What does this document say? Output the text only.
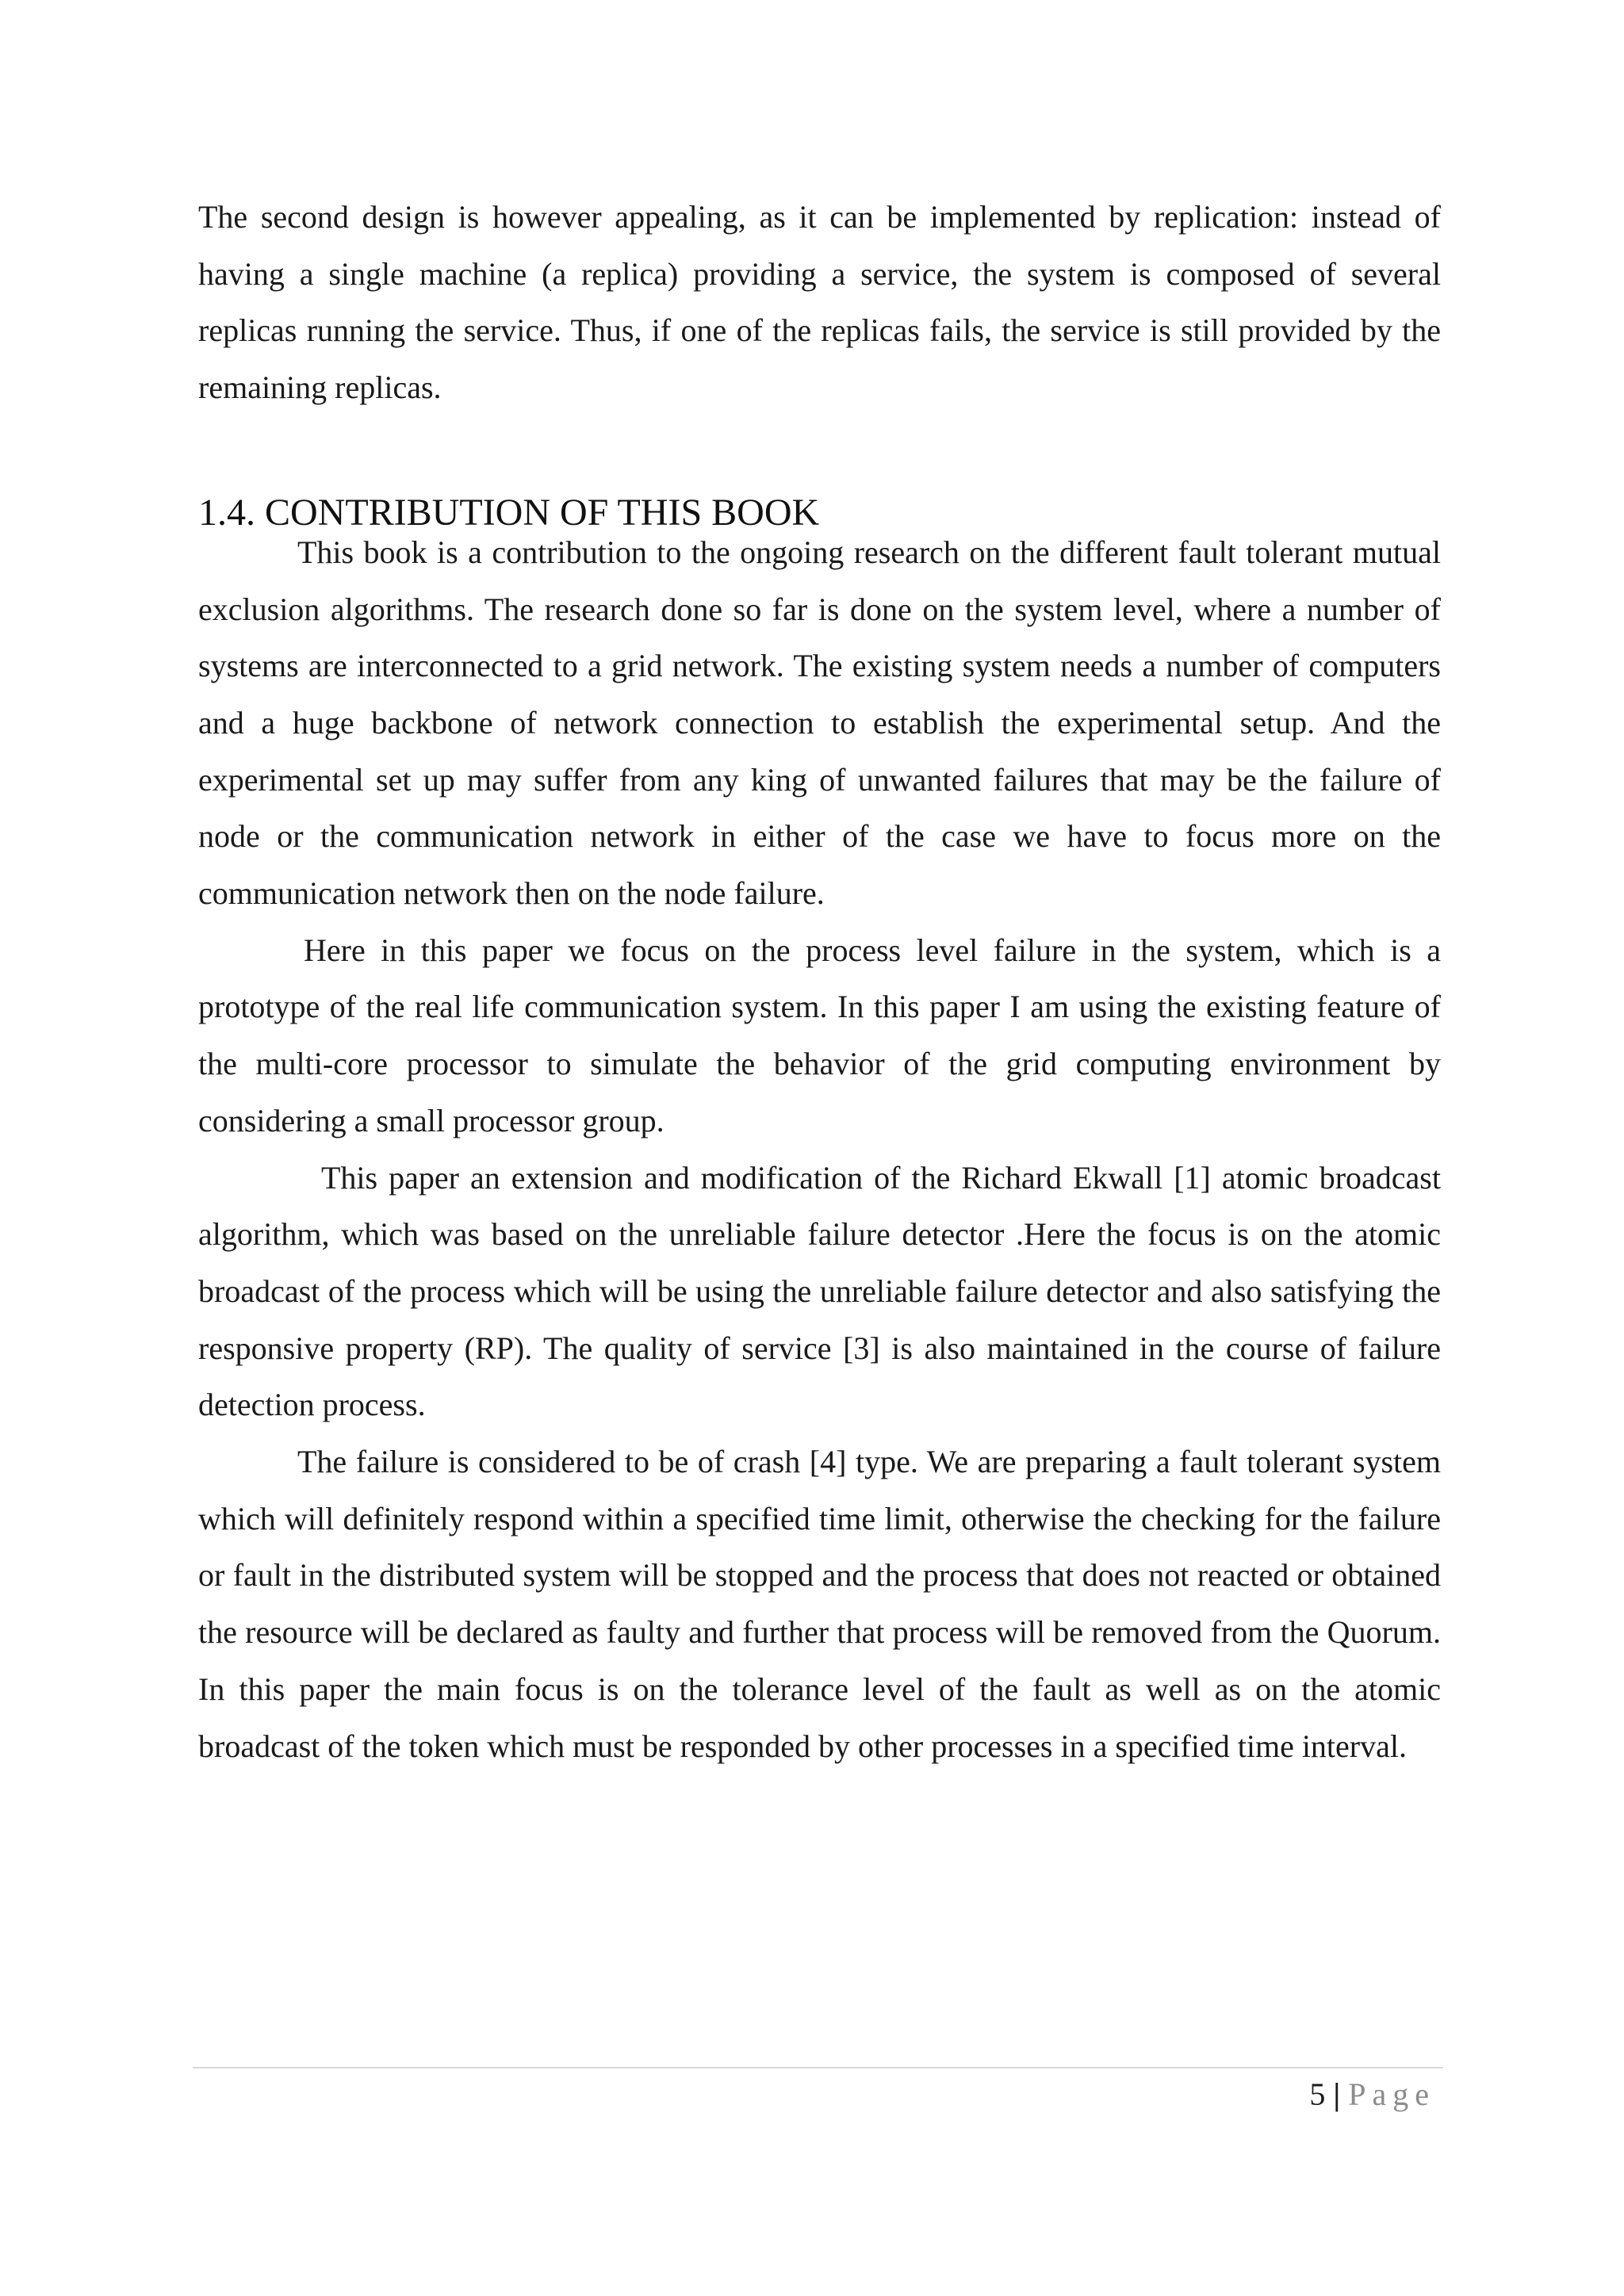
The second design is however appealing, as it can be implemented by replication: instead of having a single machine (a replica) providing a service, the system is composed of several replicas running the service. Thus, if one of the replicas fails, the service is still provided by the remaining replicas.

1.4. CONTRIBUTION OF THIS BOOK

This book is a contribution to the ongoing research on the different fault tolerant mutual exclusion algorithms. The research done so far is done on the system level, where a number of systems are interconnected to a grid network. The existing system needs a number of computers and a huge backbone of network connection to establish the experimental setup. And the experimental set up may suffer from any king of unwanted failures that may be the failure of node or the communication network in either of the case we have to focus more on the communication network then on the node failure.

Here in this paper we focus on the process level failure in the system, which is a prototype of the real life communication system. In this paper I am using the existing feature of the multi-core processor to simulate the behavior of the grid computing environment by considering a small processor group.

This paper an extension and modification of the Richard Ekwall [1] atomic broadcast algorithm, which was based on the unreliable failure detector .Here the focus is on the atomic broadcast of the process which will be using the unreliable failure detector and also satisfying the responsive property (RP). The quality of service [3] is also maintained in the course of failure detection process.

The failure is considered to be of crash [4] type. We are preparing a fault tolerant system which will definitely respond within a specified time limit, otherwise the checking for the failure or fault in the distributed system will be stopped and the process that does not reacted or obtained the resource will be declared as faulty and further that process will be removed from the Quorum. In this paper the main focus is on the tolerance level of the fault as well as on the atomic broadcast of the token which must be responded by other processes in a specified time interval.

5 | Page
